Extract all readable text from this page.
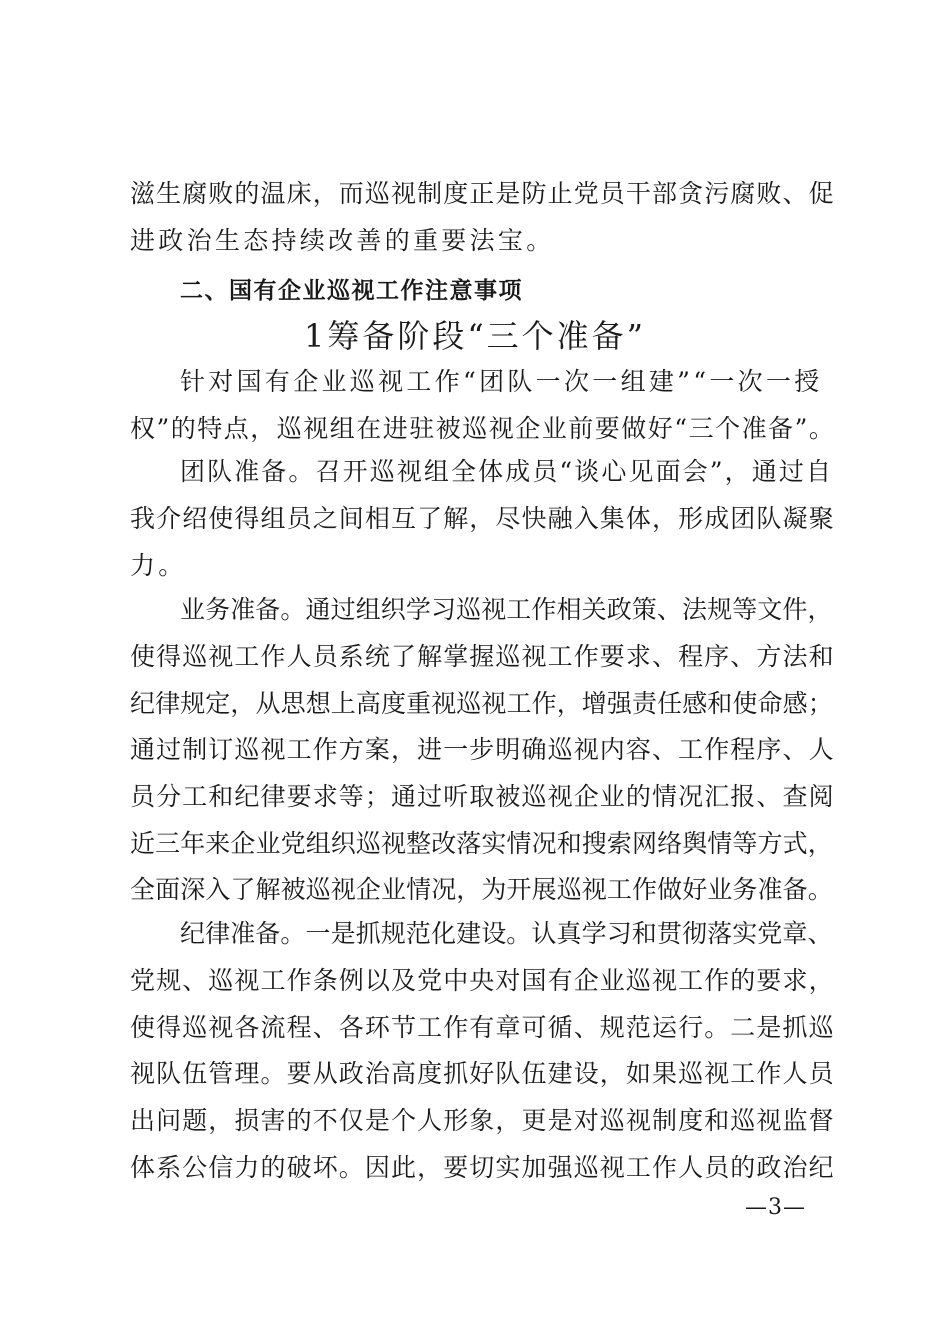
滋生腐败的温床，而巡视制度正是防止党员干部贪污腐败、促
进政治生态持续改善的重要法宝。
二、国有企业巡视工作注意事项
1筹备阶段“三个准备”
针对国有企业巡视工作“团队一次一组建”“一次一授
权”的特点，巡视组在进驻被巡视企业前要做好“三个准备”。
团队准备。召开巡视组全体成员“谈心见面会”，通过自
我介绍使得组员之间相互了解，尽快融入集体，形成团队凝聚
力。
业务准备。通过组织学习巡视工作相关政策、法规等文件，
使得巡视工作人员系统了解掌握巡视工作要求、程序、方法和
纪律规定，从思想上高度重视巡视工作，增强责任感和使命感；
通过制订巡视工作方案，进一步明确巡视内容、工作程序、人
员分工和纪律要求等；通过听取被巡视企业的情况汇报、查阅
近三年来企业党组织巡视整改落实情况和搜索网络舆情等方式，
全面深入了解被巡视企业情况，为开展巡视工作做好业务准备。
纪律准备。一是抓规范化建设。认真学习和贯彻落实党章、
党规、巡视工作条例以及党中央对国有企业巡视工作的要求，
使得巡视各流程、各环节工作有章可循、规范运行。二是抓巡
视队伍管理。要从政治高度抓好队伍建设，如果巡视工作人员
出问题，损害的不仅是个人形象，更是对巡视制度和巡视监督
体系公信力的破坏。因此，要切实加强巡视工作人员的政治纪
—3—
